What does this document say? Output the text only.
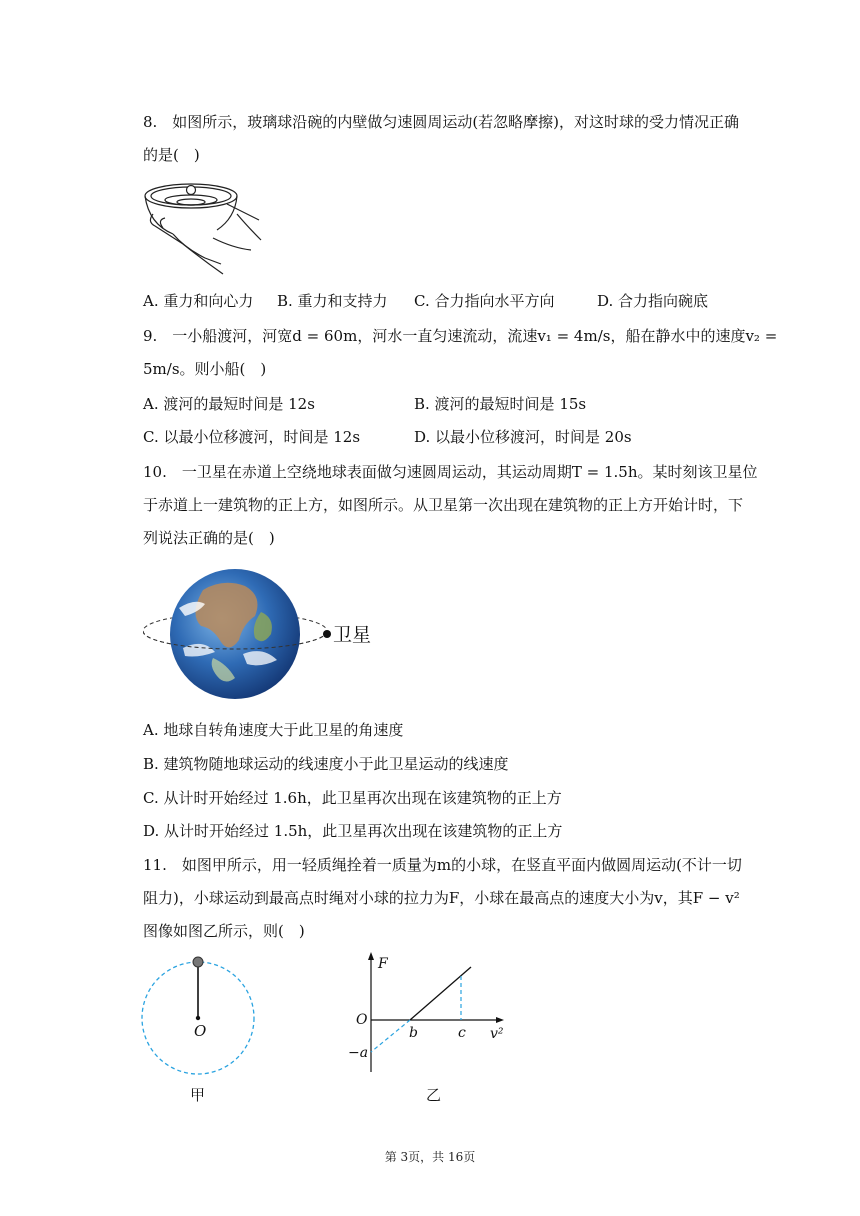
8.　如图所示，玻璃球沿碗的内壁做匀速圆周运动(若忽略摩擦)，对这时球的受力情况正确
的是(　)
A. 重力和向心力 B. 重力和支持力 C. 合力指向水平方向	D. 合力指向碗底
9.　一小船渡河，河宽d = 60m，河水一直匀速流动，流速v₁ = 4m/s，船在静水中的速度v₂ =
5m/s。则小船(　)
A. 渡河的最短时间是 12s	B. 渡河的最短时间是 15s
C. 以最小位移渡河，时间是 12s	D. 以最小位移渡河，时间是 20s
10.　一卫星在赤道上空绕地球表面做匀速圆周运动，其运动周期T = 1.5h。某时刻该卫星位
于赤道上一建筑物的正上方，如图所示。从卫星第一次出现在建筑物的正上方开始计时，下
列说法正确的是(　)
卫星
A. 地球自转角速度大于此卫星的角速度
B. 建筑物随地球运动的线速度小于此卫星运动的线速度
C. 从计时开始经过 1.6h，此卫星再次出现在该建筑物的正上方
D. 从计时开始经过 1.5h，此卫星再次出现在该建筑物的正上方
11.　如图甲所示，用一轻质绳拴着一质量为m的小球，在竖直平面内做圆周运动(不计一切
阻力)，小球运动到最高点时绳对小球的拉力为F，小球在最高点的速度大小为v，其F − v²
图像如图乙所示，则(　)
O
甲
F
O
b	c v²
−a
乙
第 3页，共 16页
